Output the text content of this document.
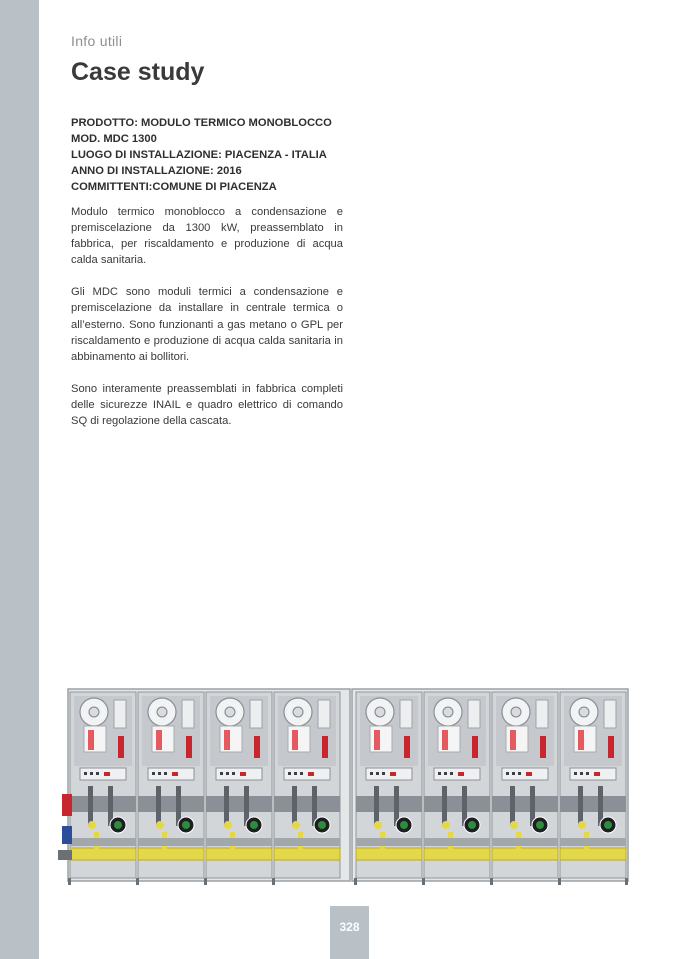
Info utili
Case study
PRODOTTO: MODULO TERMICO MONOBLOCCO
MOD. MDC 1300
LUOGO DI INSTALLAZIONE: PIACENZA - ITALIA
ANNO DI INSTALLAZIONE: 2016
COMMITTENTI:COMUNE DI PIACENZA

Modulo termico monoblocco a condensazione e premiscelazione da 1300 kW, preassemblato in fabbrica, per riscaldamento e produzione di acqua calda sanitaria.

Gli MDC sono moduli termici a condensazione e premiscelazione da installare in centrale termica o all’esterno. Sono funzionanti a gas metano o GPL per riscaldamento e produzione di acqua calda sanitaria in abbinamento ai bollitori.

Sono interamente preassemblati in fabbrica completi delle sicurezze INAIL e quadro elettrico di comando SQ di regolazione della cascata.

328
